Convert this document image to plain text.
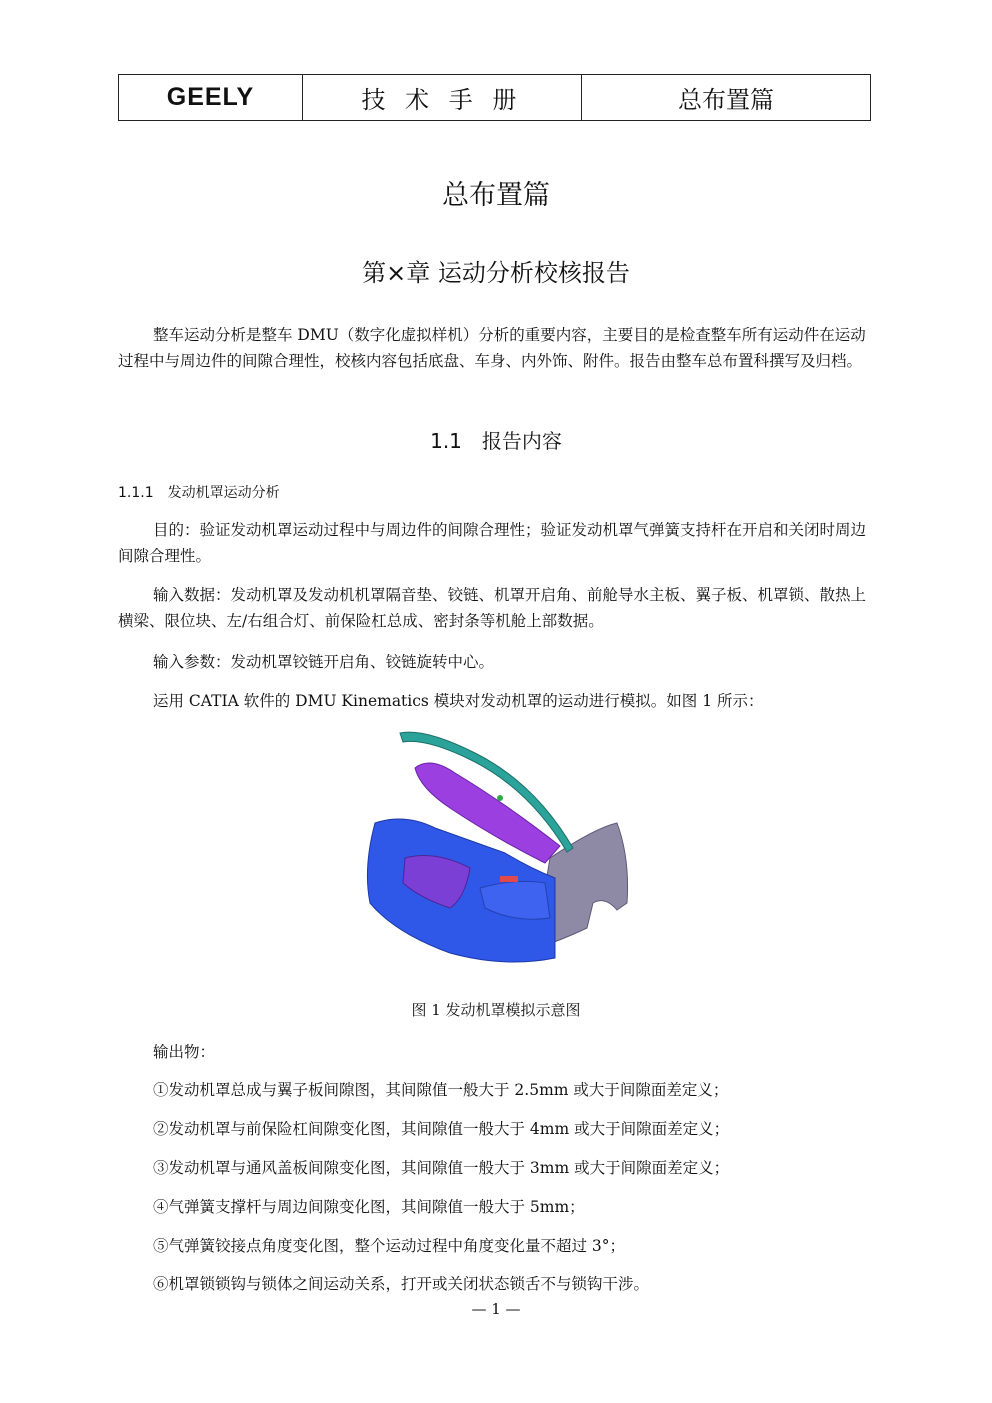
GEELY	技 术 手 册	总布置篇
总布置篇
第×章 运动分析校核报告
整车运动分析是整车 DMU（数字化虚拟样机）分析的重要内容，主要目的是检查整车所有运动件在运动过程中与周边件的间隙合理性，校核内容包括底盘、车身、内外饰、附件。报告由整车总布置科撰写及归档。
1.1　报告内容
1.1.1　发动机罩运动分析
目的：验证发动机罩运动过程中与周边件的间隙合理性；验证发动机罩气弹簧支持杆在开启和关闭时周边间隙合理性。
输入数据：发动机罩及发动机机罩隔音垫、铰链、机罩开启角、前舱导水主板、翼子板、机罩锁、散热上横梁、限位块、左/右组合灯、前保险杠总成、密封条等机舱上部数据。
输入参数：发动机罩铰链开启角、铰链旋转中心。
运用 CATIA 软件的 DMU Kinematics 模块对发动机罩的运动进行模拟。如图 1 所示：
图 1 发动机罩模拟示意图
输出物：
①发动机罩总成与翼子板间隙图，其间隙值一般大于 2.5mm 或大于间隙面差定义；
②发动机罩与前保险杠间隙变化图，其间隙值一般大于 4mm 或大于间隙面差定义；
③发动机罩与通风盖板间隙变化图，其间隙值一般大于 3mm 或大于间隙面差定义；
④气弹簧支撑杆与周边间隙变化图，其间隙值一般大于 5mm；
⑤气弹簧铰接点角度变化图，整个运动过程中角度变化量不超过 3°；
⑥机罩锁锁钩与锁体之间运动关系，打开或关闭状态锁舌不与锁钩干涉。
— 1 —
